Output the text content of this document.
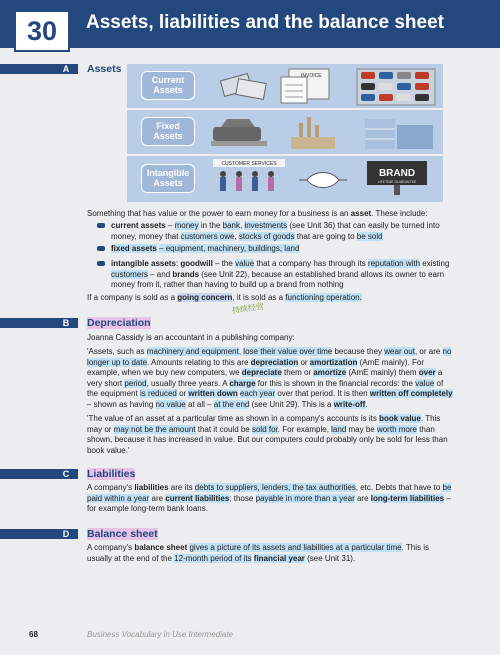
30	Assets, liabilities and the balance sheet
A	Assets
Current Assets
INVOICE
Fixed Assets
Intangible Assets
CUSTOMER SERVICES
BRAND
LIFETIME GUARANTEE
Something that has value or the power to earn money for a business is an asset. These include:
current assets – money in the bank, investments (see Unit 36) that can easily be turned into money, money that customers owe, stocks of goods that are going to be sold
fixed assets – equipment, machinery, buildings, land
intangible assets: goodwill – the value that a company has through its reputation with existing customers – and brands (see Unit 22), because an established brand allows its owner to earn money from it, rather than having to build up a brand from nothing
If a company is sold as a going concern, it is sold as a functioning operation.
持续经营
B	Depreciation
Joanna Cassidy is an accountant in a publishing company:
'Assets, such as machinery and equipment, lose their value over time because they wear out, or are no longer up to date. Amounts relating to this are depreciation or amortization (AmE mainly). For example, when we buy new computers, we depreciate them or amortize (AmE mainly) them over a very short period, usually three years. A charge for this is shown in the financial records: the value of the equipment is reduced or written down each year over that period. It is then written off completely – shown as having no value at all – at the end (see Unit 29). This is a write-off.
'The value of an asset at a particular time as shown in a company's accounts is its book value. This may or may not be the amount that it could be sold for. For example, land may be worth more than shown, because it has increased in value. But our computers could probably only be sold for less than book value.'
C	Liabilities
A company's liabilities are its debts to suppliers, lenders, the tax authorities, etc. Debts that have to be paid within a year are current liabilities; those payable in more than a year are long-term liabilities – for example long-term bank loans.
D	Balance sheet
A company's balance sheet gives a picture of its assets and liabilities at a particular time. This is usually at the end of the 12-month period of its financial year (see Unit 31).
68	Business Vocabulary in Use Intermediate
